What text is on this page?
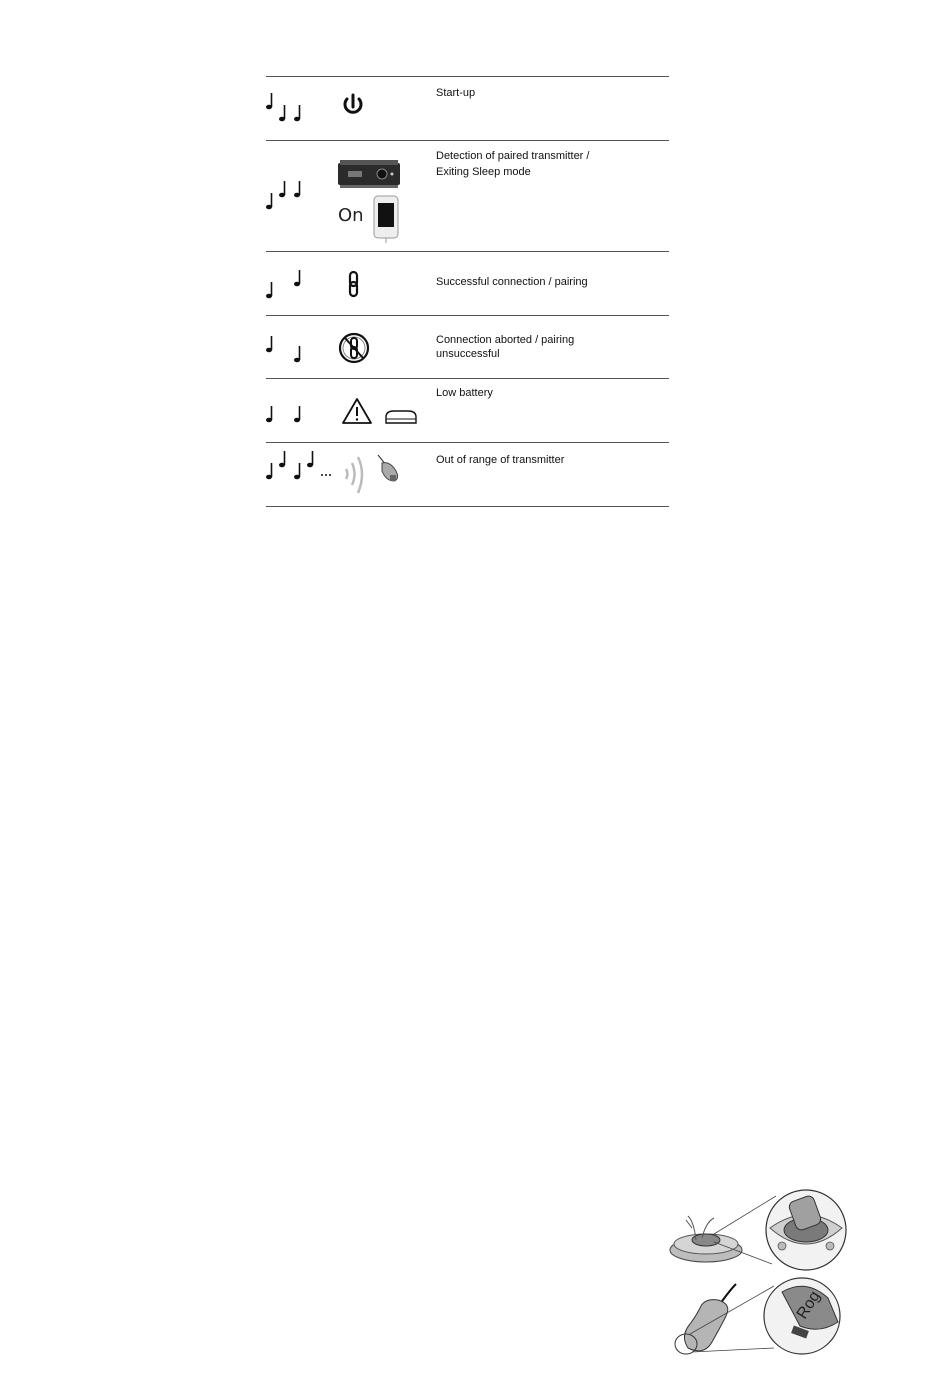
Start-up
On
Detection of paired transmitter /
Exiting Sleep mode
Successful connection / pairing
Connection aborted / pairing
unsuccessful
Low battery
Out of range of transmitter
Rog
